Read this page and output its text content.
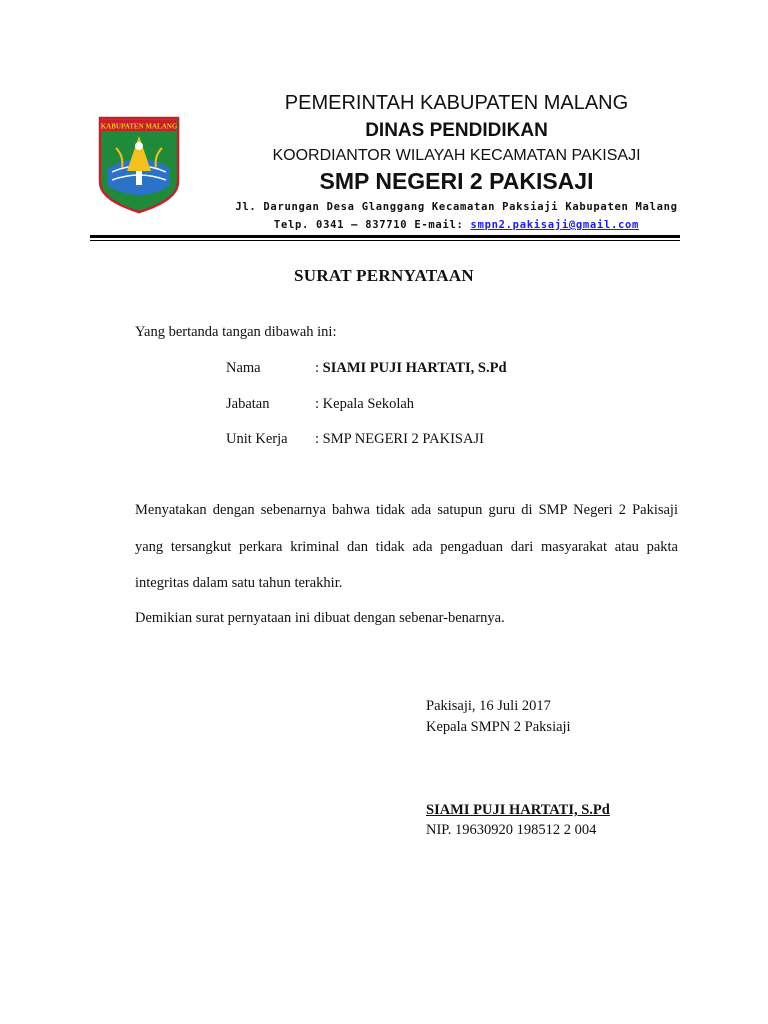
KABUPATEN MALANG
PEMERINTAH KABUPATEN MALANG
DINAS PENDIDIKAN
KOORDIANTOR WILAYAH KECAMATAN PAKISAJI
SMP NEGERI 2 PAKISAJI
Jl. Darungan Desa Glanggang Kecamatan Paksiaji Kabupaten Malang
Telp. 0341 – 837710 E-mail: smpn2.pakisaji@gmail.com
SURAT PERNYATAAN
Yang bertanda tangan dibawah ini:
Nama	: SIAMI PUJI HARTATI, S.Pd
Jabatan	: Kepala Sekolah
Unit Kerja : SMP NEGERI 2 PAKISAJI
Menyatakan dengan sebenarnya bahwa tidak ada satupun guru di SMP Negeri 2 Pakisaji
yang tersangkut perkara kriminal dan tidak ada pengaduan dari masyarakat atau pakta
integritas dalam satu tahun terakhir.
Demikian surat pernyataan ini dibuat dengan sebenar-benarnya.
Pakisaji, 16 Juli 2017
Kepala SMPN 2 Paksiaji
SIAMI PUJI HARTATI, S.Pd
NIP. 19630920 198512 2 004
